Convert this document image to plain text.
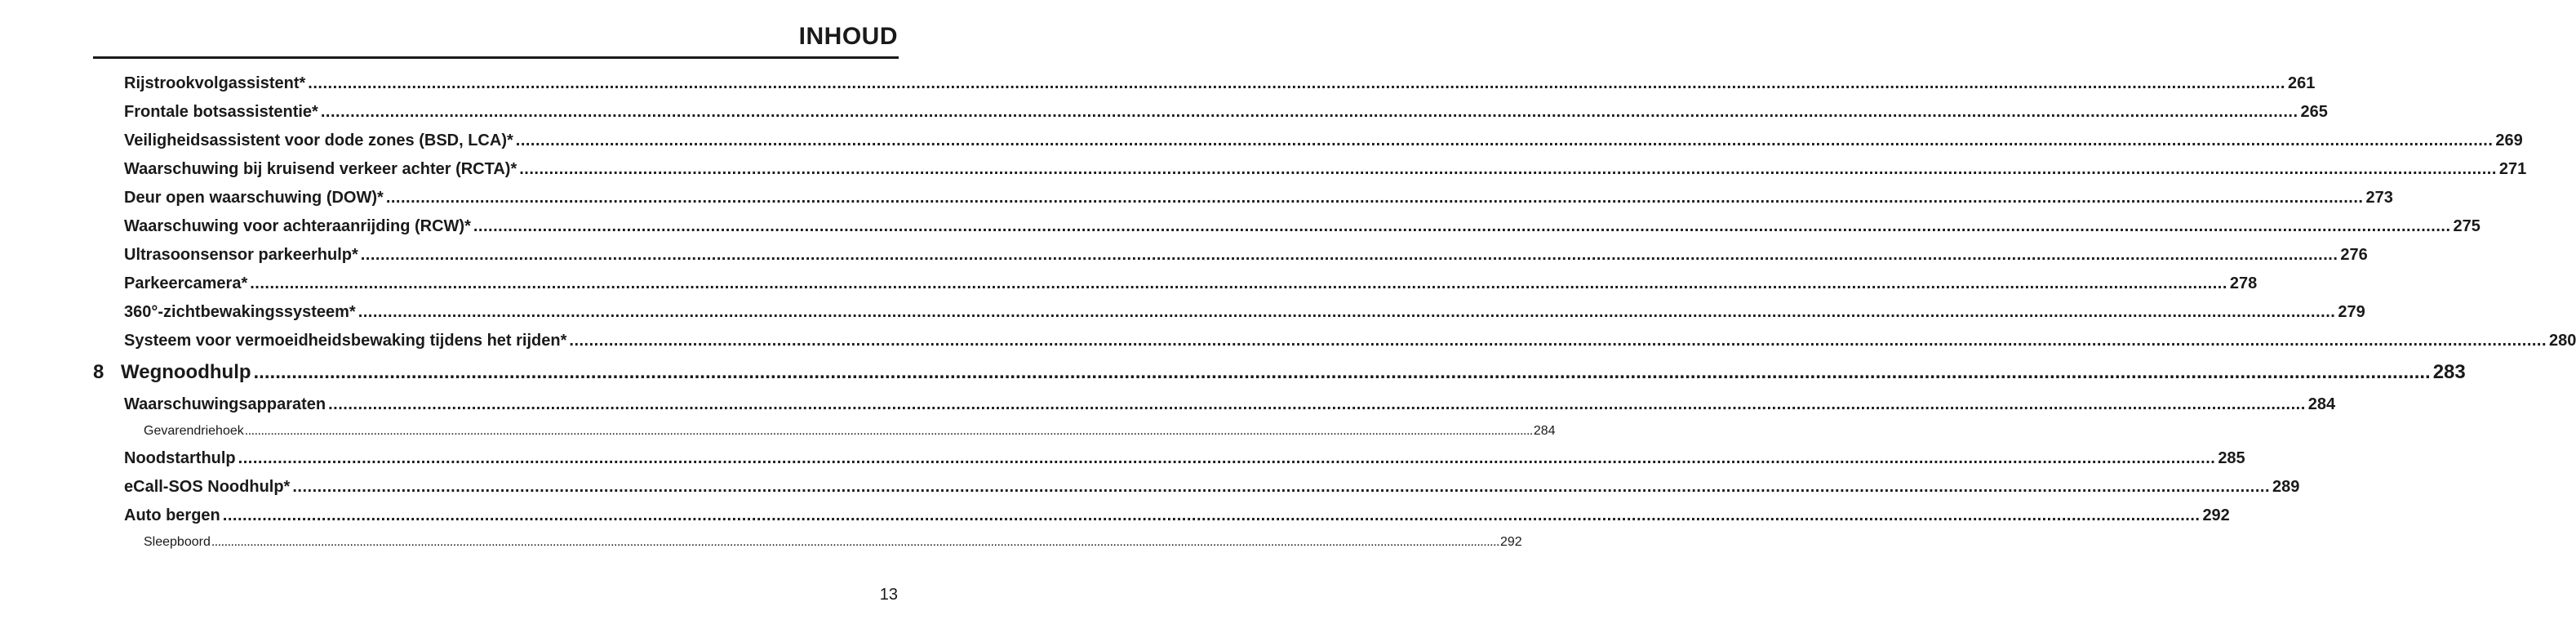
INHOUD
Rijstrookvolgassistent* ................................................................................................................................................................................................................................................................................................................................................................................................................ 261
Frontale botsassistentie* ................................................................................................................................................................................................................................................................................................................................................................................................................ 265
Veiligheidsassistent voor dode zones (BSD, LCA)* ................................................................................................................................................................................................................................................................................................................................................................................................................ 269
Waarschuwing bij kruisend verkeer achter (RCTA)* ................................................................................................................................................................................................................................................................................................................................................................................................................ 271
Deur open waarschuwing (DOW)* ................................................................................................................................................................................................................................................................................................................................................................................................................ 273
Waarschuwing voor achteraanrijding (RCW)* ................................................................................................................................................................................................................................................................................................................................................................................................................ 275
Ultrasoonsensor parkeerhulp* ................................................................................................................................................................................................................................................................................................................................................................................................................ 276
Parkeercamera* ................................................................................................................................................................................................................................................................................................................................................................................................................ 278
360°-zichtbewakingssysteem* ................................................................................................................................................................................................................................................................................................................................................................................................................ 279
Systeem voor vermoeidheidsbewaking tijdens het rijden* ................................................................................................................................................................................................................................................................................................................................................................................................................ 280
8 Wegnoodhulp ................................................................................................................................................................................................................................................................................................................................................................................................................ 283
Waarschuwingsapparaten ................................................................................................................................................................................................................................................................................................................................................................................................................ 284
Gevarendriehoek ................................................................................................................................................................................................................................................................................................................................................................................................................ 284
Noodstarthulp ................................................................................................................................................................................................................................................................................................................................................................................................................ 285
eCall-SOS Noodhulp* ................................................................................................................................................................................................................................................................................................................................................................................................................ 289
Auto bergen ................................................................................................................................................................................................................................................................................................................................................................................................................ 292
Sleepboord ................................................................................................................................................................................................................................................................................................................................................................................................................ 292
13
